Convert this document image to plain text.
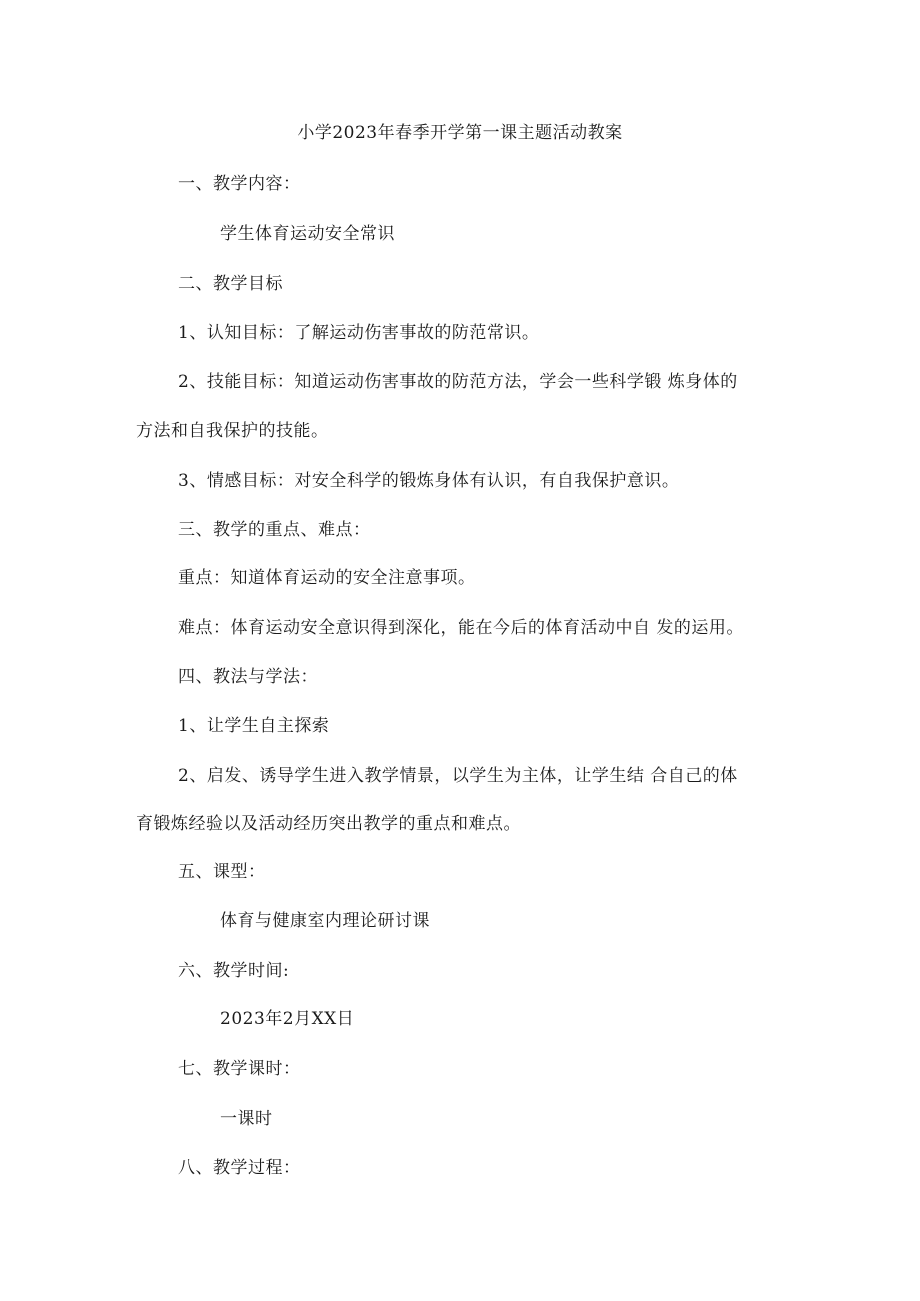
小学2023年春季开学第一课主题活动教案
一、教学内容：
学生体育运动安全常识
二、教学目标
1、认知目标：了解运动伤害事故的防范常识。
2、技能目标：知道运动伤害事故的防范方法，学会一些科学锻 炼身体的
方法和自我保护的技能。
3、情感目标：对安全科学的锻炼身体有认识，有自我保护意识。
三、教学的重点、难点：
重点：知道体育运动的安全注意事项。
难点：体育运动安全意识得到深化，能在今后的体育活动中自 发的运用。
四、教法与学法：
1、让学生自主探索
2、启发、诱导学生进入教学情景，以学生为主体，让学生结 合自己的体
育锻炼经验以及活动经历突出教学的重点和难点。
五、课型：
体育与健康室内理论研讨课
六、教学时间:
2023年2月XX日
七、教学课时：
一课时
八、教学过程：
